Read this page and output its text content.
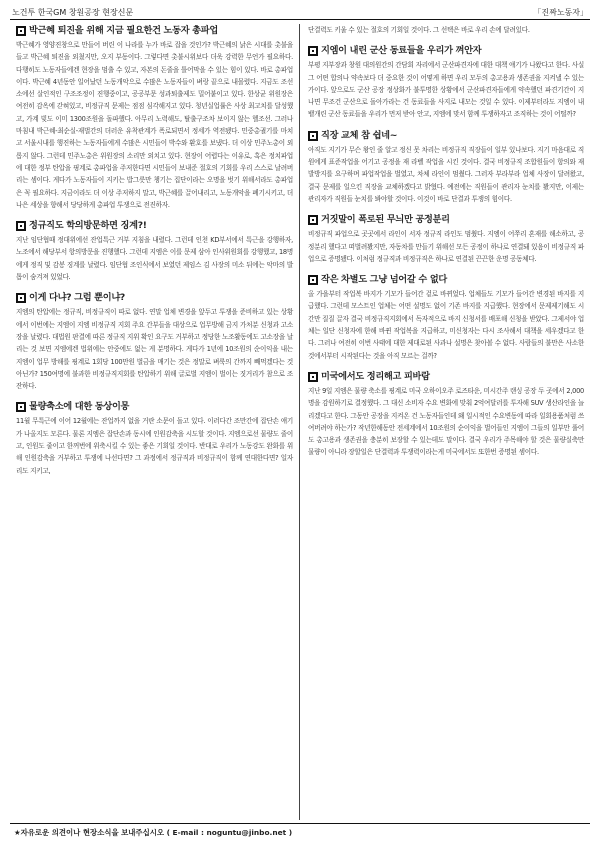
노건투 한국GM 창원공장 현장신문	「진짜노동자」
박근혜 퇴진을 위해 지금 필요한건 노동자 총파업
박근혜가 영양진창으로 만들어 버린 이 나라를 누가 바로 잡을 것인가? 박근혜의 낡은 시대를 촛불을 들고 박근혜 퇴진을 외쳤지만, 오지 부동이다. 그렇다면 촛불시위보다 더욱 강력한 무언가 필요하다. 다행히도 노동자들에겐 현장을 멈출 수 있고, 자본의 돈줄을 틀어막을 수 있는 힘이 있다. 바로 총파업이다. 박근혜 4년동안 일어났던 노동개악으로 수많은 노동자들이 벼랑 끝으로 내몰렸다. 지금도 조선소에선 살인적인 구조조정이 진행중이고, 공공부문 성과퇴출제도 밀어붙이고 있다. 한상균 위원장은 여전히 감옥에 갇혀있고, 비정규직 문제는 점점 심각해지고 있다. 청년실업률은 사상 최고치를 달성했고, 가계 빚도 이미 1300조원을 돌파했다. 아무리 노력해도, 탈출구조차 보이지 않는 헬조선. 그러나 마침내 박근혜-최순실-재벌간의 더러운 유착관계가 폭로되면서 정세가 역전됐다. 민중총궐기를 마치고 서울시내를 행진하는 노동자들에게 수많은 시민들이 박수와 환호를 보냈다. 더 이상 민주노총이 외롭지 않다. 그런데 민주노총은 위원장의 소리만 외치고 있다. 현장이 어렵다는 이유로, 혹은 정치파업에 대한 정부 탄압을 핑계로 총파업을 주저한다면 시민들이 보내준 절호의 기회를 우리 스스로 날려버리는 셈이다. 게다가 노동자들이 지키는 밥그릇만 챙기는 집단이라는 오명을 벗기 위해서라도 총파업은 꼭 필요하다. 지금이라도 더 이상 주저하지 말고, 박근혜를 끌어내리고, 노동개악을 폐기시키고, 더 나은 세상을 향해서 당당하게 총파업 투쟁으로 전진하자.
정규직도 학의방문하면 징계?!
지난 임단협때 정대위에선 잔업특근 거부 지침을 내렸다. 그런데 인천 KD부서에서 특근을 강행하자, 노조에서 해당부서 항의방문을 진행했다. 그런데 지엠은 이를 문제 삼아 인사위원회를 강행했고, 18명에게 정직 및 감봉 징계를 날렸다. 임단협 조인식에서 보였던 제임스 김 사장의 미소 뒤에는 악마의 발톱이 숨겨져 있었다.
이게 다냐? 그럼 뿐이냐?
지엠의 탄압에는 정규직, 비정규직이 따로 없다. 연말 업체 변경을 앞두고 투쟁을 준비하고 있는 상황에서 이번에는 지엠이 지엠 비정규직 지회 주요 간부들을 대상으로 업무방해 금지 가처분 신청과 고소장을 날렸다. 대법원 판결에 따른 정규직 지위 확인 요구도 거부하고 정당한 노조활동에도 고소장을 날리는 것 보면 지엠에겐 법위에는 안중에도 없는 게 분명하다. 게다가 1년에 10조원의 순이익을 내는 지엠이 업무 방해를 핑계로 1회당 100만원 벌금을 매기는 것은 정말로 벼룩의 간까지 빼먹겠다는 것 아닌가? 150여명에 불과한 비정규직지회를 탄압하기 위해 글로벌 지엠이 벌이는 짓거리가 참으로 조잔하다.
물량축소에 대한 동상이몽
11월 무특근에 이어 12월에는 잔업까지 없을 거란 소문이 돌고 있다. 이러다간 조만간에 잡단손 얘기가 나올지도 모른다. 물론 지엠은 잡단손과 동시에 인원감축을 시도할 것이다. 지엠으로선 물량도 줄이고, 인원도 줄이고 한꺼번에 위축시킬 수 있는 좋은 기회일 것이다. 반대로 우리가 노동강도 완화를 위해 인원감축을 거부하고 투쟁에 나선다면? 그 과정에서 정규직과 비정규직이 함께 연대한다면? 일자리도 지키고,
단결력도 키울 수 있는 절호의 기회일 것이다. 그 선택은 바로 우리 손에 달려있다.
지엠이 내린 군산 동료들을 우리가 껴안자
부평 지부장과 창원 대의원간의 간담회 자리에서 군산파견자에 대한 대책 얘기가 나왔다고 한다. 사실 그 어떤 합의나 약속보다 더 중요한 것이 어떻게 하면 우리 모두의 총고용과 생존권을 지켜낼 수 있는 가이다. 앞으로도 군산 공장 정상화가 불투명한 상황에서 군산파견자들에게 약속했던 파견기간이 지나면 무조건 군산으로 돌아가라는 건 동료들을 사지로 내모는 것일 수 있다. 이제부터라도 지엠이 내뱉개린 군산 동료들을 우리가 먼저 받아 안고, 지엠에 맞서 함께 투쟁하자고 조직하는 것이 어떨까?
직장 교체 참 쉽네~
아직도 지기가 무슨 왕인 줄 알고 정신 못 차리는 비정규직 직장들이 일부 있나보다. 지기 마음대로 직원에게 표준작업을 어기고 공정을 재 라벨 작업을 시킨 것이다. 결국 비정규직 조합원들이 항의와 재발방지를 요구하며 파업작업을 벌였고, 차체 라인이 멈췄다. 그러자 부라부라 업체 사장이 달려왔고, 결국 문제를 일으킨 직장을 교체하겠다고 밝혔다. 예전에는 직원들이 관리자 눈치를 봤지만, 이제는 관리자가 직원들 눈치를 봐야할 것이다. 이것이 바로 단결과 투쟁의 힘이다.
거짓말이 폭로된 무늬만 공정분리
비정규직 파업으로 곳곳에서 라인이 서자 정규직 라인도 멈췄다. 지엠이 어쭈리 혼재를 해소하고, 공정분리 했다고 떠벌려봤지만, 자동차를 만들기 위해선 모든 공정이 하나로 연결돼 있음이 비정규직 파업으로 증명됐다. 이처럼 정규직과 비정규직은 하나로 연결된 끈끈한 운명 공동체다.
작은 차별도 그냥 넘어갈 수 없다
올 가을부터 작업복 바지가 기모가 들어간 겉로 바뀌었다. 업체들도 기모가 들어간 변경된 바지를 지급했다. 그런데 모스트인 업체는 어떤 설명도 없이 기존 바지를 지급했다. 현장에서 문제제기해도 시간만 질질 끌자 결국 비정규직지회에서 독자적으로 바지 신청서를 배포해 신청을 받았다. 그제서야 업체는 일단 신청자에 한해 바뀐 작업복을 지급하고, 미신청자는 다시 조사해서 대책을 세우겠다고 한다. 그러나 여전히 이번 사태에 대한 제대로된 사과나 설명은 찾아볼 수 없다. 사람들의 불만은 사소한 것에서부터 시작된다는 것을 아직 모르는 걸까?
미국에서도 정리해고 피바람
지난 9일 지엠은 물량 축소를 핑계로 미국 오하이오주 로즈타운, 미시간주 랜싱 공장 두 곳에서 2,000명을 감원하기로 결정했다. 그 대신 소비자 수요 변화에 맞춰 2억여달러를 투자해 SUV 생산라인을 늘리겠다고 한다. 그동안 공장을 지켜온 건 노동자들인데 왜 일시적인 수요변동에 따라 일회용품처럼 쓰여버려야 하는가? 작년한해동안 전세계에서 10조원의 순이익을 벌어들인 지엠이 그들의 일부만 풀어도 총고용과 생존권을 충분히 보장할 수 있는데도 말이다. 결국 우리가 주목해야 할 것은 물량실축만 물량이 아니라 장할일은 단결력과 투쟁력이라는게 미국에서도 또한번 증명된 셈이다.
★자유로운 의견이나 현장소식을 보내주십시오 ( E-mail : noguntu@jinbo.net )
